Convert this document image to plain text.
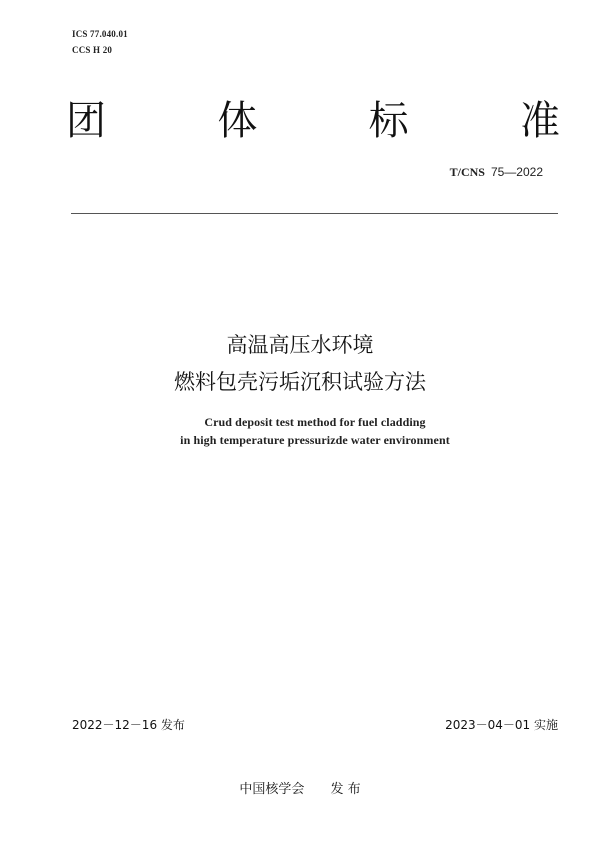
ICS 77.040.01
CCS H 20
团	体	标	准
T/CNS 75—2022
高温高压水环境
燃料包壳污垢沉积试验方法
Crud deposit test method for fuel cladding
in high temperature pressurizde water environment
2022－12－16 发布	2023－04－01 实施
中国核学会 发 布
